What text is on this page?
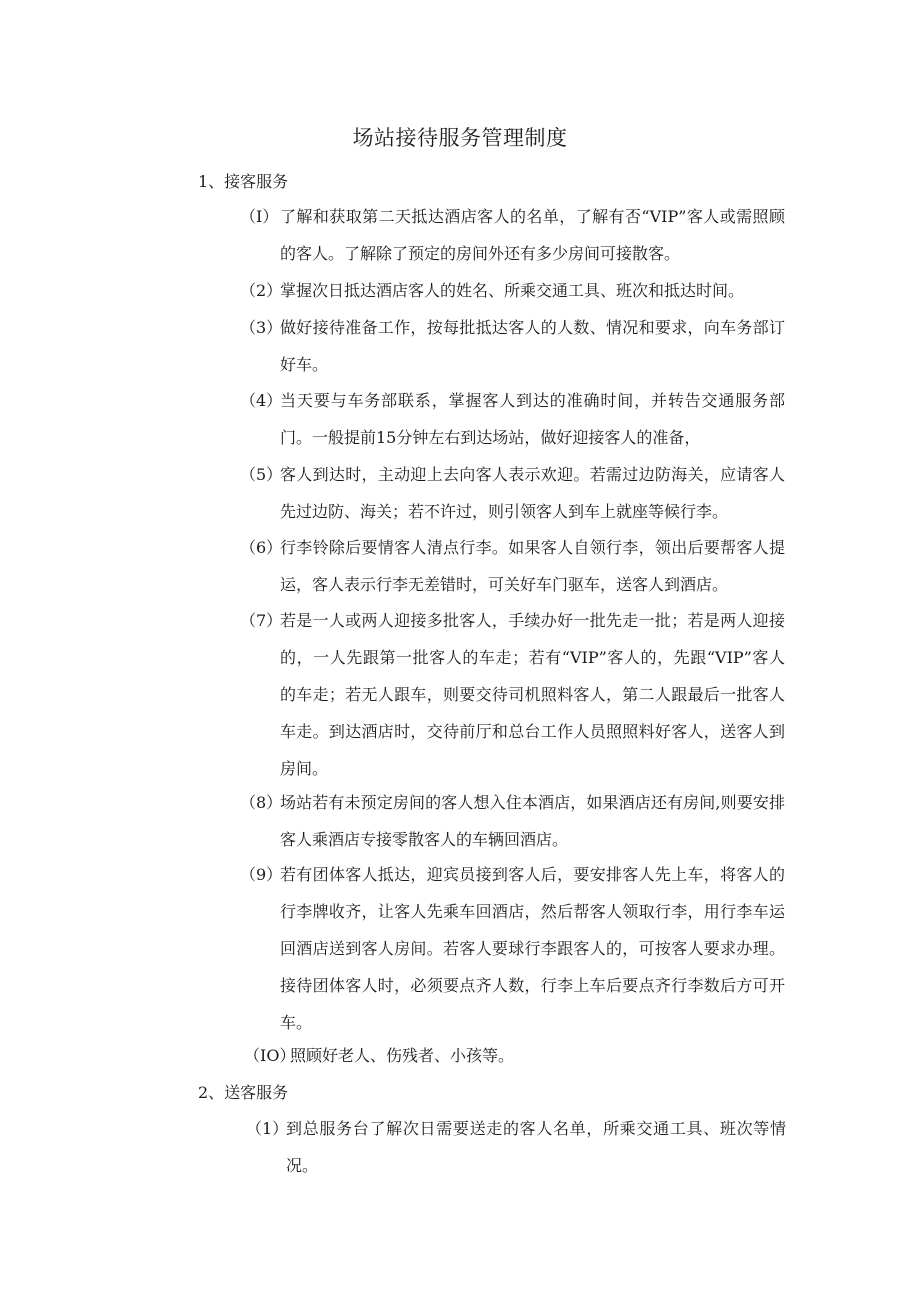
场站接待服务管理制度
1、接客服务
（I） 了解和获取第二天抵达酒店客人的名单，了解有否“VIP”客人或需照顾的客人。了解除了预定的房间外还有多少房间可接散客。
（2）
掌握次日抵达酒店客人的姓名、所乘交通工具、班次和抵达时间。
（3）
做好接待准备工作，按每批抵达客人的人数、情况和要求，向车务部订好车。
（4）
当天要与车务部联系，掌握客人到达的准确时间，并转告交通服务部门。一般提前15分钟左右到达场站，做好迎接客人的准备，
（5）
客人到达时，主动迎上去向客人表示欢迎。若需过边防海关，应请客人先过边防、海关；若不许过，则引领客人到车上就座等候行李。
（6）
行李铃除后要情客人清点行李。如果客人自领行李，领出后要帮客人提运，客人表示行李无差错时，可关好车门驱车，送客人到酒店。
（7）
若是一人或两人迎接多批客人，手续办好一批先走一批；若是两人迎接的，一人先跟第一批客人的车走；若有“VIP”客人的，先跟“VIP”客人的车走；若无人跟车，则要交待司机照料客人，第二人跟最后一批客人车走。到达酒店时，交待前厅和总台工作人员照照料好客人，送客人到房间。
（8）
场站若有未预定房间的客人想入住本酒店，如果酒店还有房间,则要安排客人乘酒店专接零散客人的车辆回酒店。
（9）
若有团体客人抵达，迎宾员接到客人后，要安排客人先上车，将客人的行李牌收齐，让客人先乘车回酒店，然后帮客人领取行李，用行李车运回酒店送到客人房间。若客人要球行李跟客人的，可按客人要求办理。接待团体客人时，必须要点齐人数，行李上车后要点齐行李数后方可开车。
（IO）
照顾好老人、伤残者、小孩等。
2、送客服务
（1）
到总服务台了解次日需要送走的客人名单，所乘交通工具、班次等情况。
